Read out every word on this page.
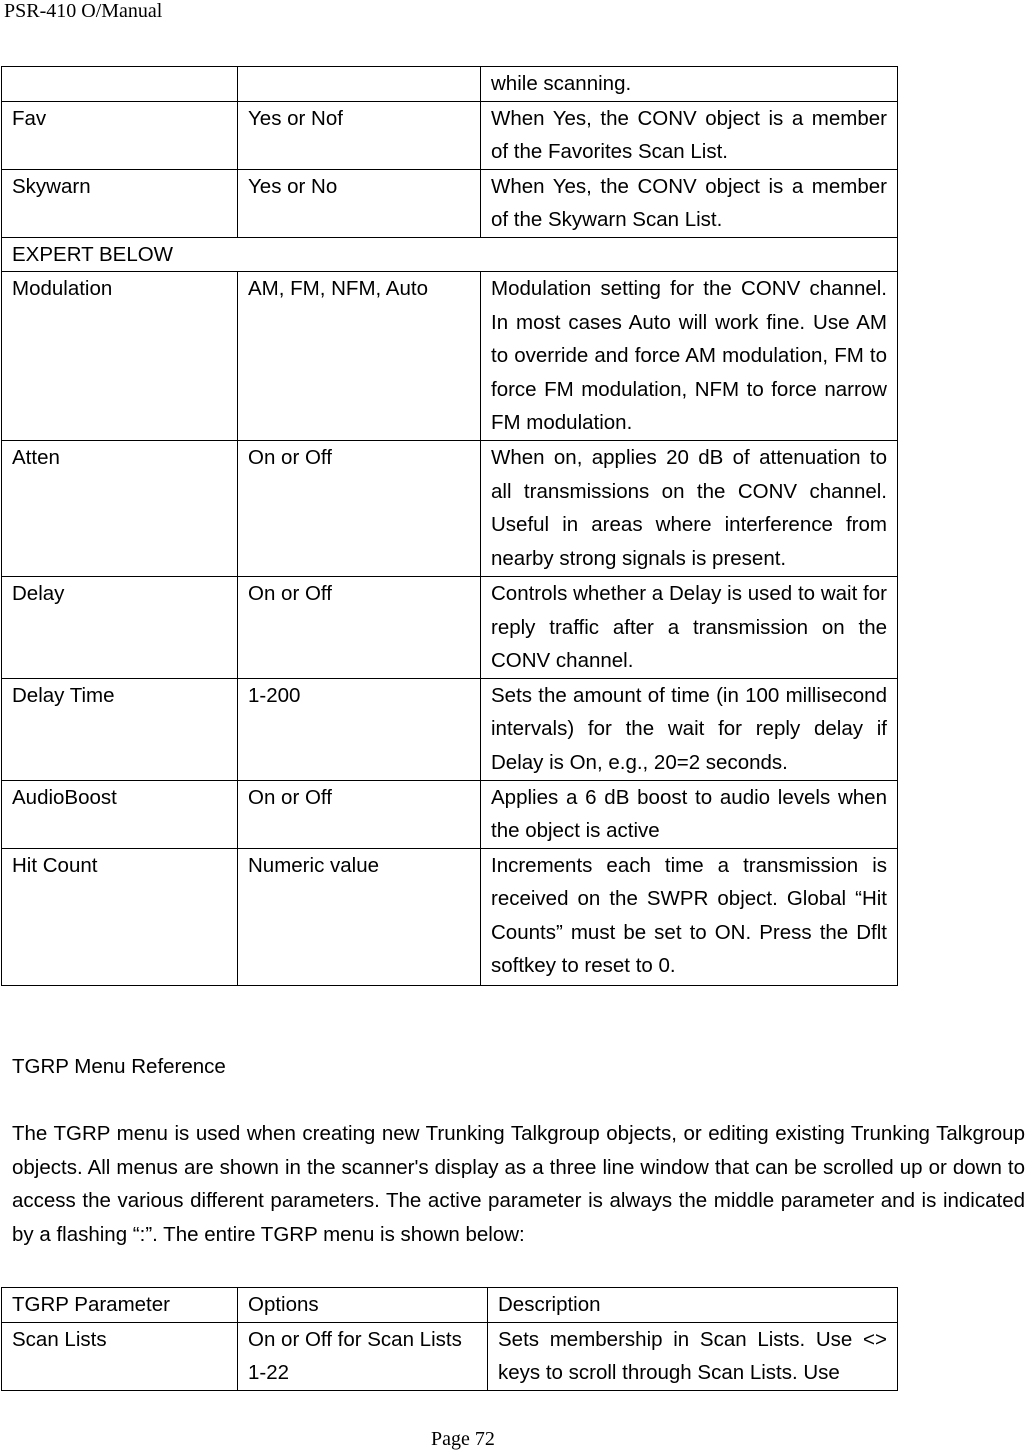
PSR-410 O/Manual
		while scanning.
Fav	Yes or Nof	When Yes, the CONV object is a member of the Favorites Scan List.
Skywarn	Yes or No	When Yes, the CONV object is a member of the Skywarn Scan List.
EXPERT BELOW		
Modulation	AM, FM, NFM, Auto	Modulation setting for the CONV channel. In most cases Auto will work fine. Use AM to override and force AM modulation, FM to force FM modulation, NFM to force narrow FM modulation.
Atten	On or Off	When on, applies 20 dB of attenuation to all transmissions on the CONV channel. Useful in areas where interference from nearby strong signals is present.
Delay	On or Off	Controls whether a Delay is used to wait for reply traffic after a transmission on the CONV channel.
Delay Time	1-200	Sets the amount of time (in 100 millisecond intervals) for the wait for reply delay if Delay is On, e.g., 20=2 seconds.
AudioBoost	On or Off	Applies a 6 dB boost to audio levels when the object is active
Hit Count	Numeric value	Increments each time a transmission is received on the SWPR object. Global “Hit Counts” must be set to ON. Press the Dflt softkey to reset to 0.
TGRP Menu Reference

The TGRP menu is used when creating new Trunking Talkgroup objects, or editing existing Trunking Talkgroup objects. All menus are shown in the scanner's display as a three line window that can be scrolled up or down to access the various different parameters. The active parameter is always the middle parameter and is indicated by a flashing “:”. The entire TGRP menu is shown below:

TGRP Parameter	Options	Description
Scan Lists	On or Off for Scan Lists 1-22	Sets membership in Scan Lists. Use <> keys to scroll through Scan Lists. Use
Page 72
